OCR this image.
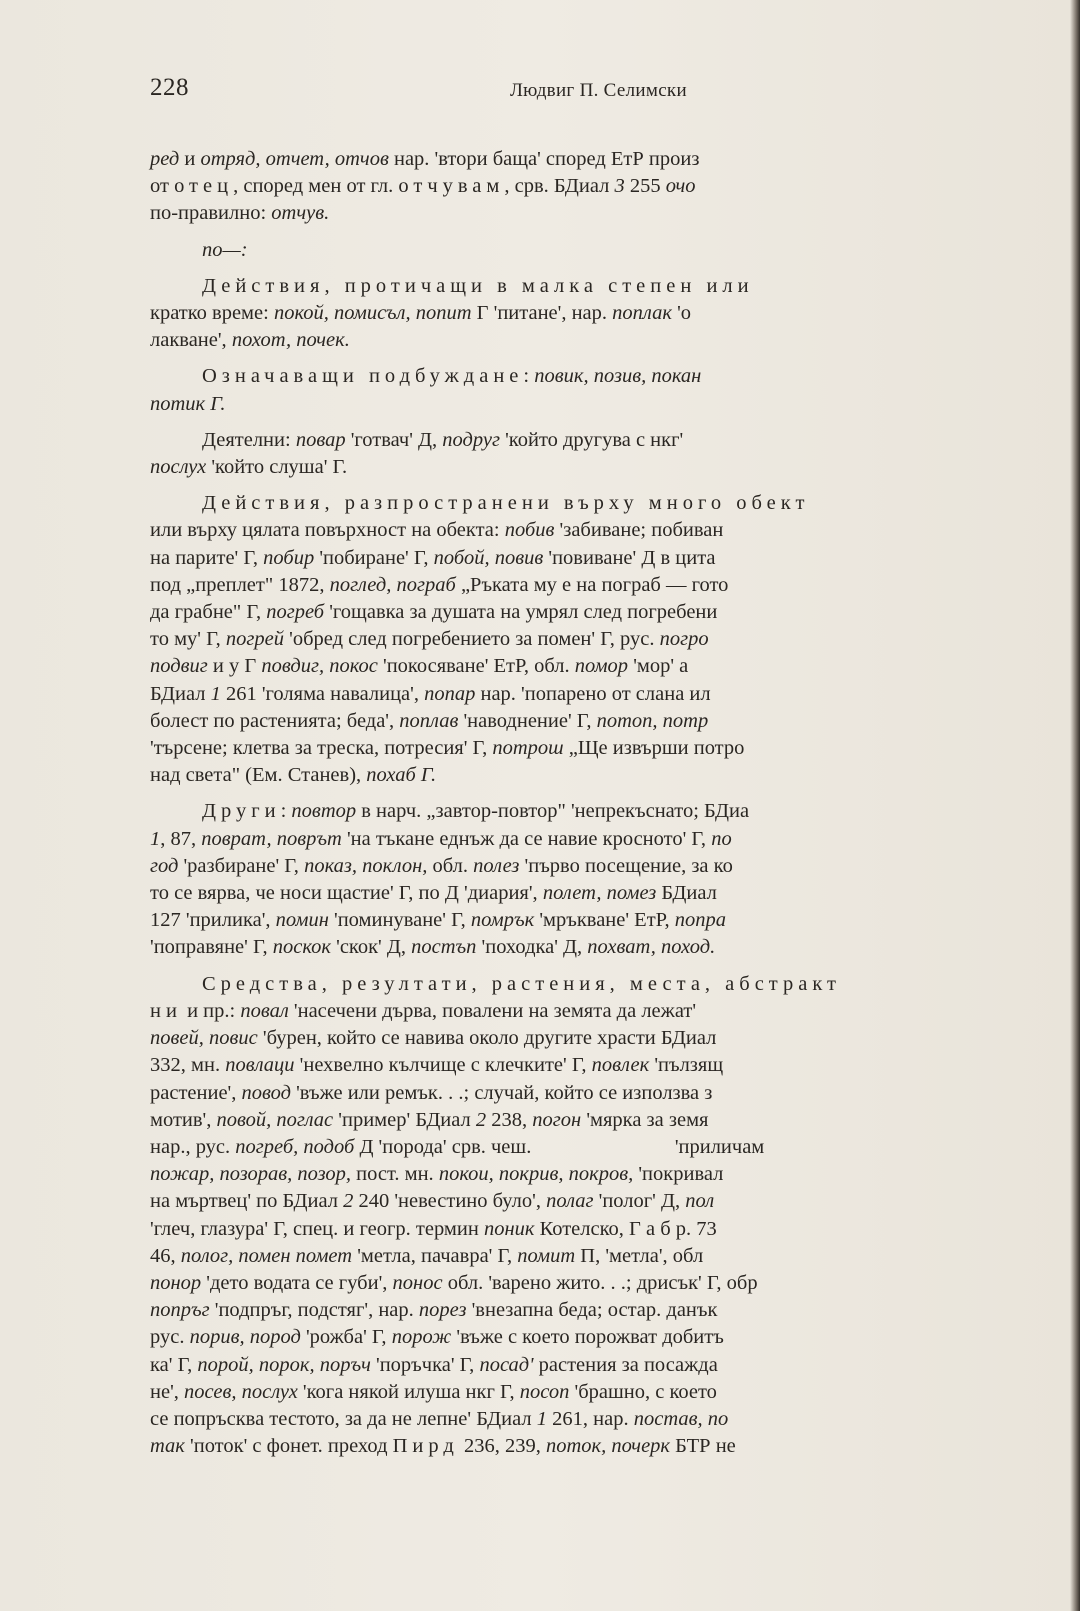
228	Людвиг П. Селимски
ред и отряд, отчет, отчов нар. 'втори баща' според ЕтР произ
от отец, според мен от гл. отчувам, срв. БДиал 3 255 очо
по-правилно: отчув.
по—:
Действия, протичащи в малка степен или
кратко време: покой, помисъл, попит Г 'питане', нар. поплак 'о
лакване', похот, почек.
Означаващи подбуждане: повик, позив, покан
потик Г.
Деятелни: повар 'готвач' Д, подруг 'който другува с нкг'
послух 'който слуша' Г.
Действия, разпространени върху много обект
или върху цялата повърхност на обекта: побив 'забиване; побиван
на парите' Г, побир 'побиране' Г, побой, повив 'повиване' Д в цита
под „преплет" 1872, поглед, пограб „Ръката му е на пограб — гото
да грабне" Г, погреб 'гощавка за душата на умрял след погребени
то му' Г, погрей 'обред след погребението за помен' Г, рус. погро
подвиг и у Г повдиг, покос 'покосяване' ЕтР, обл. помор 'мор' а
БДиал 1 261 'голяма навалица', попар нар. 'попарено от слана ил
болест по растенията; беда', поплав 'наводнение' Г, потоп, потр
'търсене; клетва за треска, потресия' Г, потрош „Ще извърши потро
над света" (Ем. Станев), похаб Г.
Други: повтор в нарч. „завтор-повтор" 'непрекъснато; БДиа
1, 87, поврат, поврът 'на тъкане еднъж да се навие кросното' Г, по
год 'разбиране' Г, показ, поклон, обл. полез 'първо посещение, за ко
то се вярва, че носи щастие' Г, по Д 'диария', полет, помез БДиал
127 'прилика', помин 'поминуване' Г, помрък 'мръкване' ЕтР, попра
'поправяне' Г, поскок 'скок' Д, постъп 'походка' Д, похват, поход.
Средства, резултати, растения, места, абстракт
ни и пр.: повал 'насечени дърва, повалени на земята да лежат'
повей, повис 'бурен, който се навива около другите храсти БДиал
332, мн. повлаци 'нехвелно кълчище с клечките' Г, повлек 'пълзящ
растение', повод 'въже или ремък. . .; случай, който се използва з
мотив', повой, поглас 'пример' БДиал 2 238, погон 'мярка за земя
нар., рус. погреб, подоб Д 'порода' срв. чеш.                            'приличам
пожар, позорав, позор, пост. мн. покои, покрив, покров, 'покривал
на мъртвец' по БДиал 2 240 'невестино було', полаг 'полог' Д, пол
'глеч, глазура' Г, спец. и геогр. термин поник Котелско, Г а б р. 73
46, полог, помен помет 'метла, пачавра' Г, помит П, 'метла', обл
понор 'дето водата се губи', понос обл. 'варено жито. . .; дрисък' Г, обр
попръг 'подпръг, подстяг', нар. порез 'внезапна беда; остар. данък
рус. порив, пород 'рожба' Г, порож 'въже с което порожват добитъ
ка' Г, порой, порок, поръч 'поръчка' Г, посад' растения за посажда
не', посев, послух 'кога някой илуша нкг Г, посоп 'брашно, с което
се попръсква тестото, за да не лепне' БДиал 1 261, нар. постав, по
так 'поток' с фонет. преход Пирд 236, 239, поток, почерк БТР не
